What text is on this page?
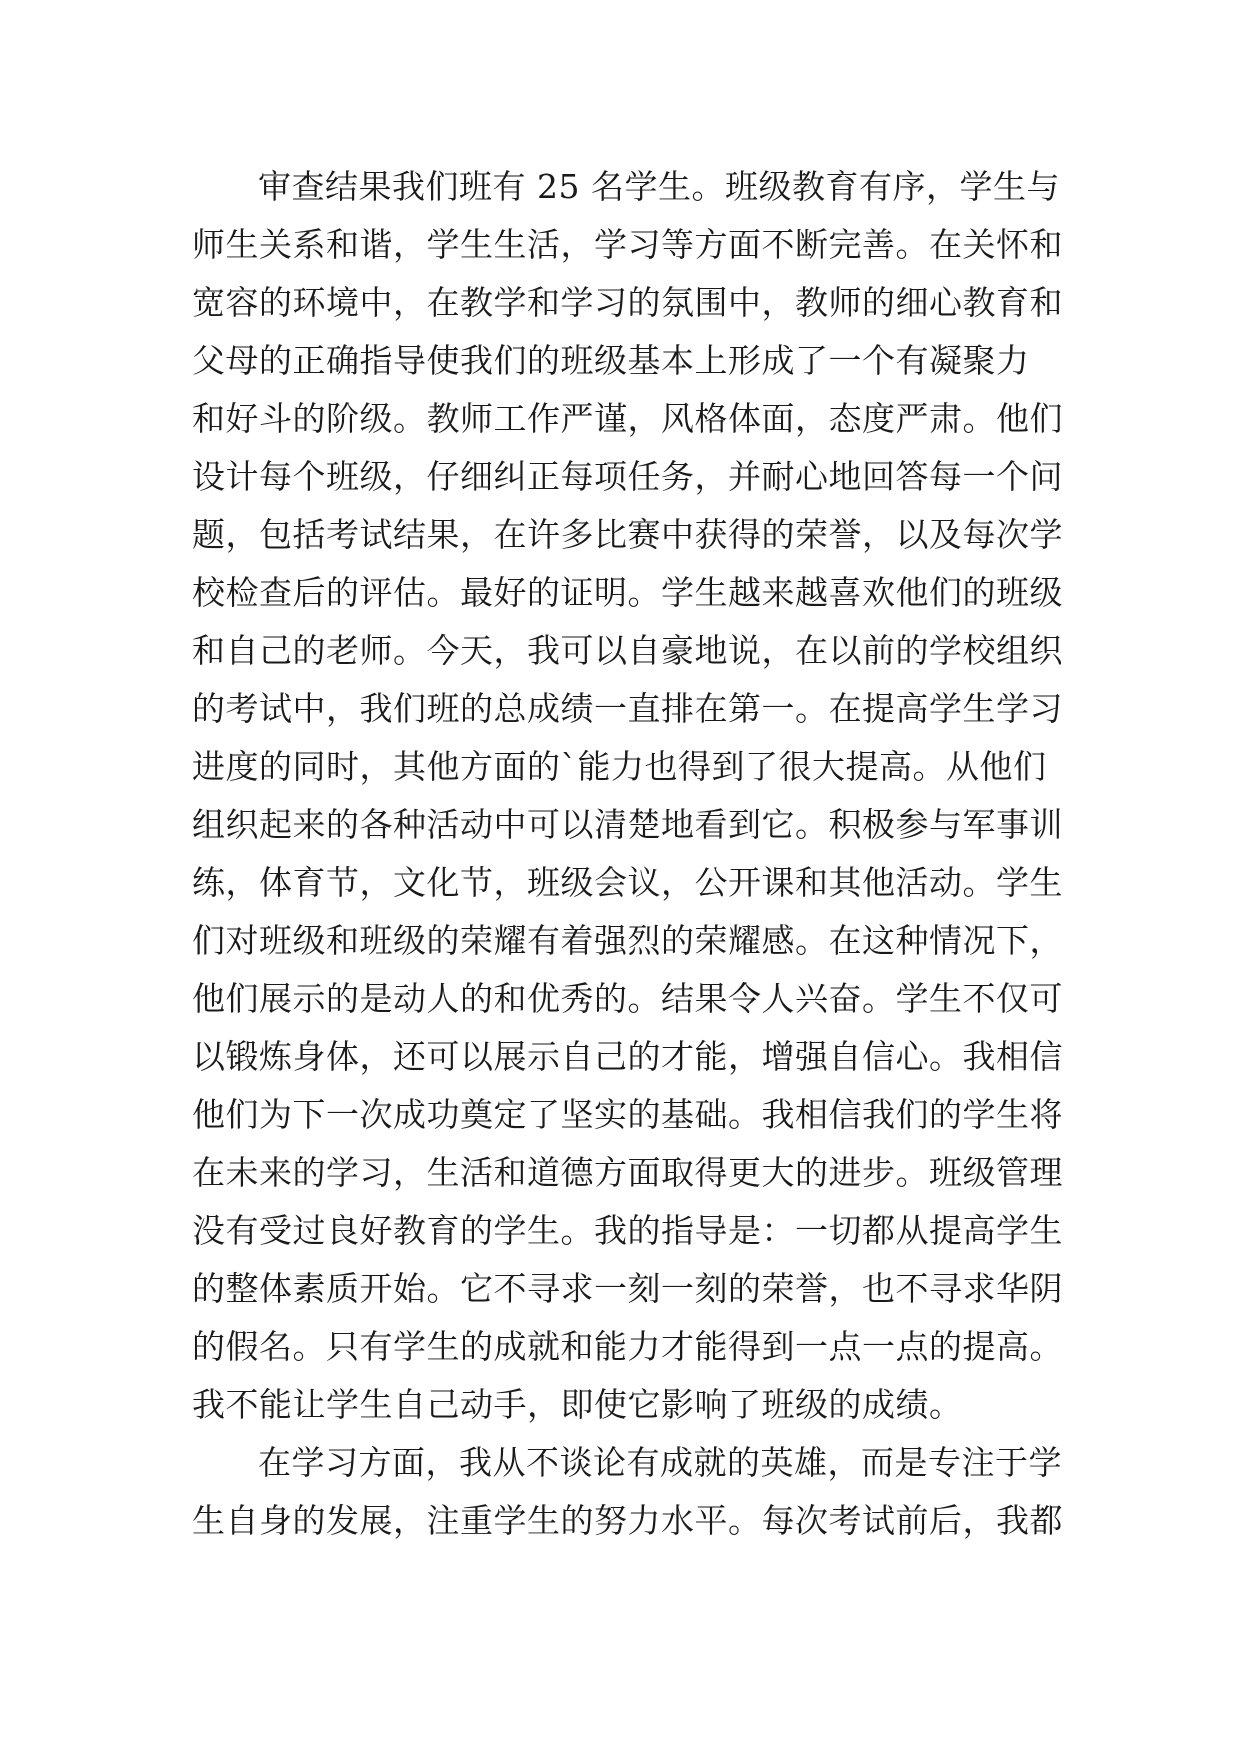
审查结果我们班有 25 名学生。班级教育有序，学生与
师生关系和谐，学生生活，学习等方面不断完善。在关怀和
宽容的环境中，在教学和学习的氛围中，教师的细心教育和
父母的正确指导使我们的班级基本上形成了一个有凝聚力
和好斗的阶级。教师工作严谨，风格体面，态度严肃。他们
设计每个班级，仔细纠正每项任务，并耐心地回答每一个问
题，包括考试结果，在许多比赛中获得的荣誉，以及每次学
校检查后的评估。最好的证明。学生越来越喜欢他们的班级
和自己的老师。今天，我可以自豪地说，在以前的学校组织
的考试中，我们班的总成绩一直排在第一。在提高学生学习
进度的同时，其他方面的`能力也得到了很大提高。从他们
组织起来的各种活动中可以清楚地看到它。积极参与军事训
练，体育节，文化节，班级会议，公开课和其他活动。学生
们对班级和班级的荣耀有着强烈的荣耀感。在这种情况下，
他们展示的是动人的和优秀的。结果令人兴奋。学生不仅可
以锻炼身体，还可以展示自己的才能，增强自信心。我相信
他们为下一次成功奠定了坚实的基础。我相信我们的学生将
在未来的学习，生活和道德方面取得更大的进步。班级管理
没有受过良好教育的学生。我的指导是：一切都从提高学生
的整体素质开始。它不寻求一刻一刻的荣誉，也不寻求华阴
的假名。只有学生的成就和能力才能得到一点一点的提高。
我不能让学生自己动手，即使它影响了班级的成绩。
在学习方面，我从不谈论有成就的英雄，而是专注于学
生自身的发展，注重学生的努力水平。每次考试前后，我都
